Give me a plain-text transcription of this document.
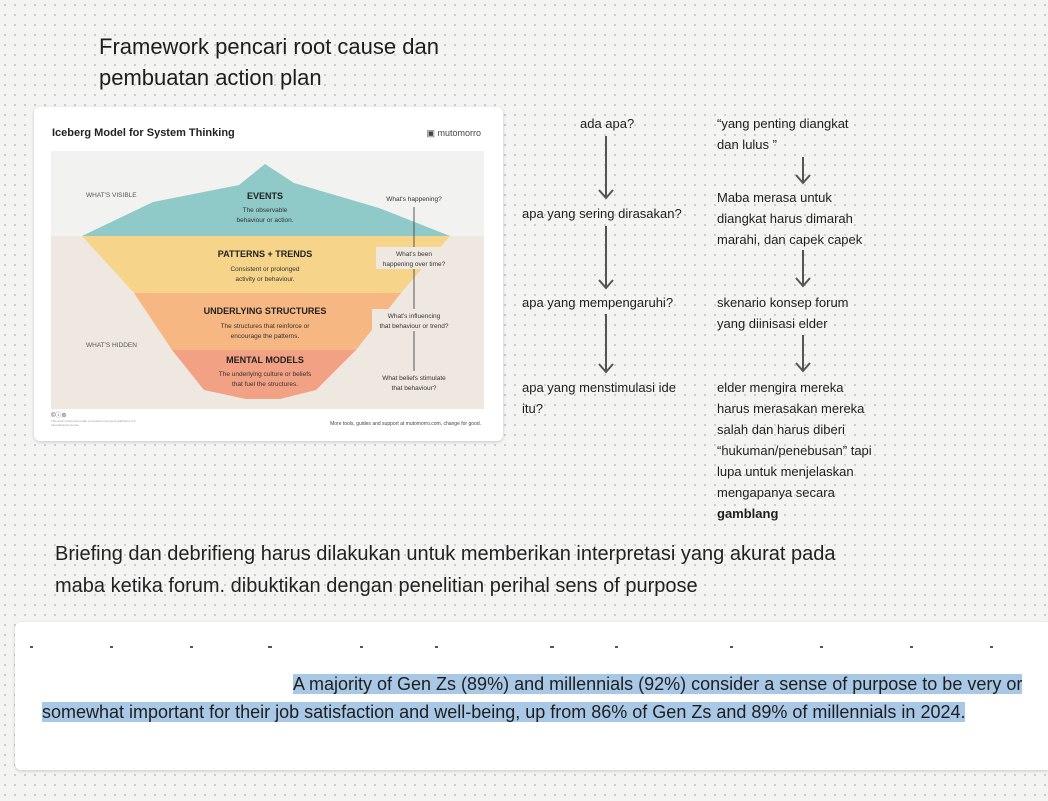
Framework pencari root cause dan
pembuatan action plan
WHAT'S VISIBLE
WHAT'S HIDDEN
EVENTS
The observable
behaviour or action.
PATTERNS + TRENDS
Consistent or prolonged
activity or behaviour.
UNDERLYING STRUCTURES
The structures that reinforce or
encourage the patterns.
MENTAL MODELS
The underlying culture or beliefs
that fuel the structures.
What's happening?
What's been
happening over time?
What's influencing
that behaviour or trend?
What beliefs stimulate
that behaviour?
Iceberg Model for System Thinking	▣ mutomorro
©ⓘ⊜
This work is licensed under a Creative Commons Attribution 4.0 International License	More tools, guides and support at mutomorro.com, change for good.
ada apa?
apa yang sering dirasakan?
apa yang mempengaruhi?
apa yang menstimulasi ide
itu?
“yang penting diangkat
dan lulus ”
Maba merasa untuk
diangkat harus dimarah
marahi, dan capek capek
skenario konsep forum
yang diinisasi elder
elder mengira mereka
harus merasakan mereka
salah dan harus diberi
“hukuman/penebusan” tapi
lupa untuk menjelaskan
mengapanya secara
gamblang
Briefing dan debrifieng harus dilakukan untuk memberikan interpretasi yang akurat pada
maba ketika forum. dibuktikan dengan penelitian perihal sens of purpose
A majority of Gen Zs (89%) and millennials (92%) consider a sense of purpose to be very or somewhat important for their job satisfaction and well-being, up from 86% of Gen Zs and 89% of millennials in 2024.
